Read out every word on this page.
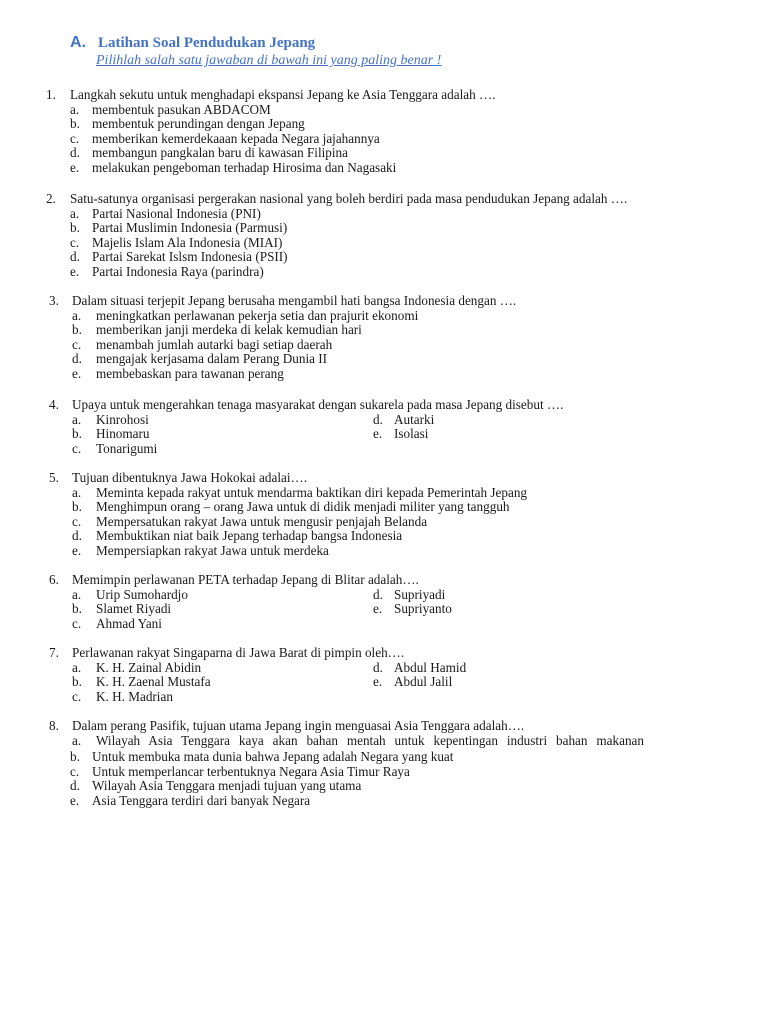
A. Latihan Soal Pendudukan Jepang
Pilihlah salah satu jawaban di bawah ini yang paling benar !
1. Langkah sekutu untuk menghadapi ekspansi Jepang ke Asia Tenggara adalah ….
a. membentuk pasukan ABDACOM
b. membentuk perundingan dengan Jepang
c. memberikan kemerdekaaan kepada Negara jajahannya
d. membangun pangkalan baru di kawasan Filipina
e. melakukan pengeboman terhadap Hirosima dan Nagasaki
2. Satu-satunya organisasi pergerakan nasional yang boleh berdiri pada masa pendudukan Jepang adalah ….
a. Partai Nasional Indonesia (PNI)
b. Partai Muslimin Indonesia (Parmusi)
c. Majelis Islam Ala Indonesia (MIAI)
d. Partai Sarekat Islsm Indonesia (PSII)
e. Partai Indonesia Raya (parindra)
3. Dalam situasi terjepit Jepang berusaha mengambil hati bangsa Indonesia dengan ….
a. meningkatkan perlawanan pekerja setia dan prajurit ekonomi
b. memberikan janji merdeka di kelak kemudian hari
c. menambah jumlah autarki bagi setiap daerah
d. mengajak kerjasama dalam Perang Dunia II
e. membebaskan para tawanan perang
4. Upaya untuk mengerahkan tenaga masyarakat dengan sukarela pada masa Jepang disebut ….
a. Kinrohosi
b. Hinomaru
c. Tonarigumi
d. Autarki
e. Isolasi
5. Tujuan dibentuknya Jawa Hokokai adalai….
a. Meminta kepada rakyat untuk mendarma baktikan diri kepada Pemerintah Jepang
b. Menghimpun orang – orang Jawa untuk di didik menjadi militer yang tangguh
c. Mempersatukan rakyat Jawa untuk mengusir penjajah Belanda
d. Membuktikan niat baik Jepang terhadap bangsa Indonesia
e. Mempersiapkan rakyat Jawa untuk merdeka
6. Memimpin perlawanan PETA terhadap Jepang di Blitar adalah….
a. Urip Sumohardjo
b. Slamet Riyadi
c. Ahmad Yani
d. Supriyadi
e. Supriyanto
7. Perlawanan rakyat Singaparna di Jawa Barat di pimpin oleh….
a. K. H. Zainal Abidin
b. K. H. Zaenal Mustafa
c. K. H. Madrian
d. Abdul Hamid
e. Abdul Jalil
8. Dalam perang Pasifik, tujuan utama Jepang ingin menguasai Asia Tenggara adalah….
a. Wilayah Asia Tenggara kaya akan bahan mentah untuk kepentingan industri bahan makanan
b. Untuk membuka mata dunia bahwa Jepang adalah Negara yang kuat
c. Untuk memperlancar terbentuknya Negara Asia Timur Raya
d. Wilayah Asia Tenggara menjadi tujuan yang utama
e. Asia Tenggara terdiri dari banyak Negara
